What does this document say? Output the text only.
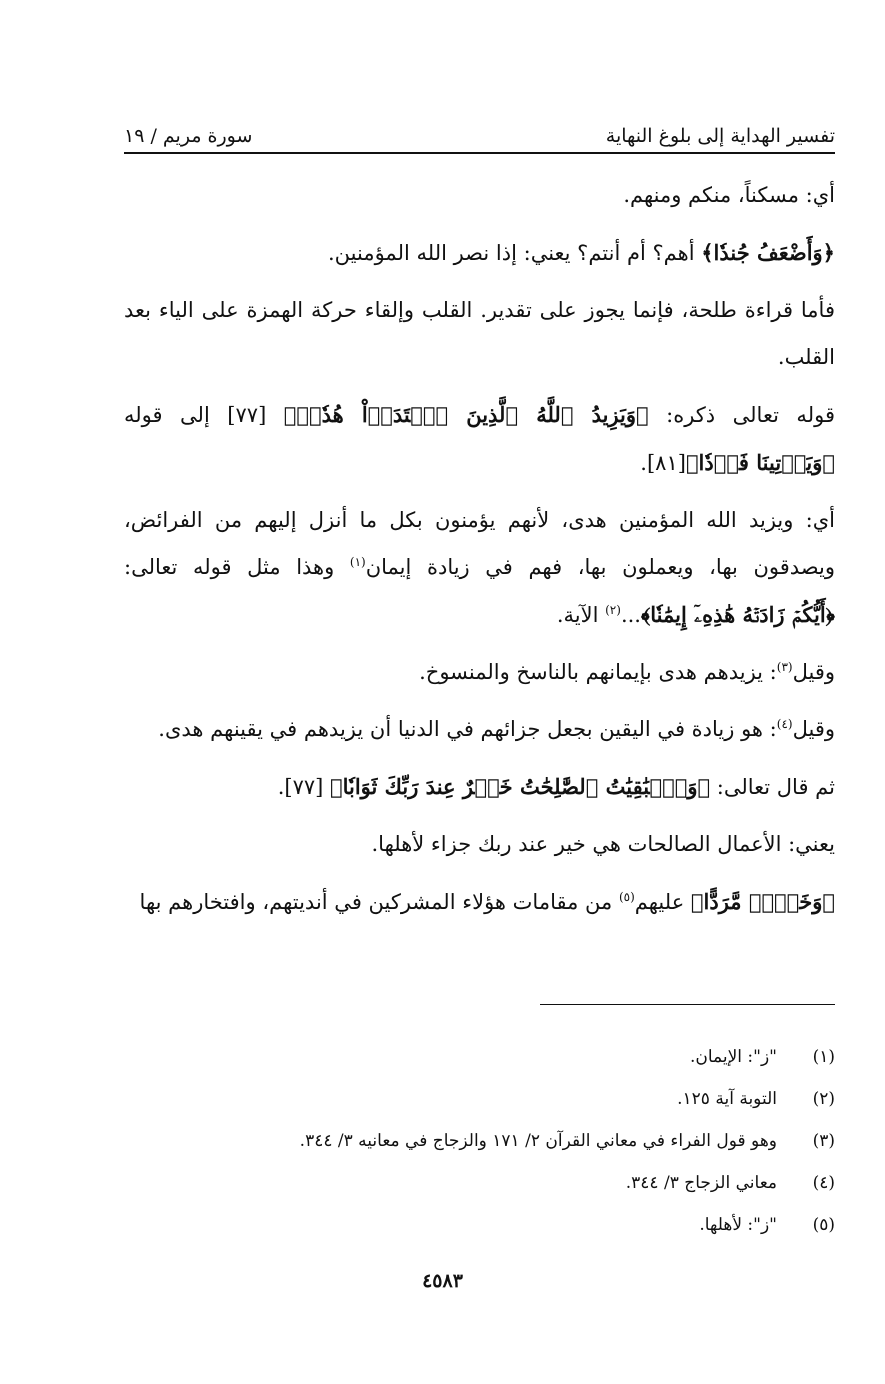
تفسير الهداية إلى بلوغ النهاية
سورة مريم / ١٩

أي: مسكناً، منكم ومنهم.

﴿وَأَضْعَفُ جُندٗا﴾ أهم؟ أم أنتم؟ يعني: إذا نصر الله المؤمنين.

فأما قراءة طلحة، فإنما يجوز على تقدير. القلب وإلقاء حركة الهمزة على الياء بعد القلب.

قوله تعالى ذكره: ﴿وَيَزِيدُ ٱللَّهُ ٱلَّذِينَ ٱهۡتَدَوۡاْ هُدٗىۗ﴾ [٧٧] إلى قوله ﴿وَيَأۡتِينَا فَرۡدٗا﴾[٨١].

أي: ويزيد الله المؤمنين هدى، لأنهم يؤمنون بكل ما أنزل إليهم من الفرائض، ويصدقون بها، ويعملون بها، فهم في زيادة إيمان$^{(١)}$ وهذا مثل قوله تعالى: ﴿أَيُّكُمۡ زَادَتۡهُ هَٰذِهِۦٓ إِيمَٰنٗا﴾...$^{(٢)}$ الآية.

وقيل$^{(٣)}$: يزيدهم هدى بإيمانهم بالناسخ والمنسوخ.

وقيل$^{(٤)}$: هو زيادة في اليقين بجعل جزائهم في الدنيا أن يزيدهم في يقينهم هدى.

ثم قال تعالى: ﴿وَٱلۡبَٰقِيَٰتُ ٱلصَّٰلِحَٰتُ خَيۡرٌ عِندَ رَبِّكَ ثَوَابٗا﴾ [٧٧].

يعني: الأعمال الصالحات هي خير عند ربك جزاء لأهلها.

﴿وَخَيۡرٞ مَّرَدًّا﴾ عليهم$^{(٥)}$ من مقامات هؤلاء المشركين في أنديتهم، وافتخارهم بها

(١)
"ز": الإيمان.
(٢)
التوبة آية ١٢٥.
(٣)
وهو قول الفراء في معاني القرآن ٢/ ١٧١ والزجاج في معانيه ٣/ ٣٤٤.
(٤)
معاني الزجاج ٣/ ٣٤٤.
(٥)
"ز": لأهلها.
٤٥٨٣
